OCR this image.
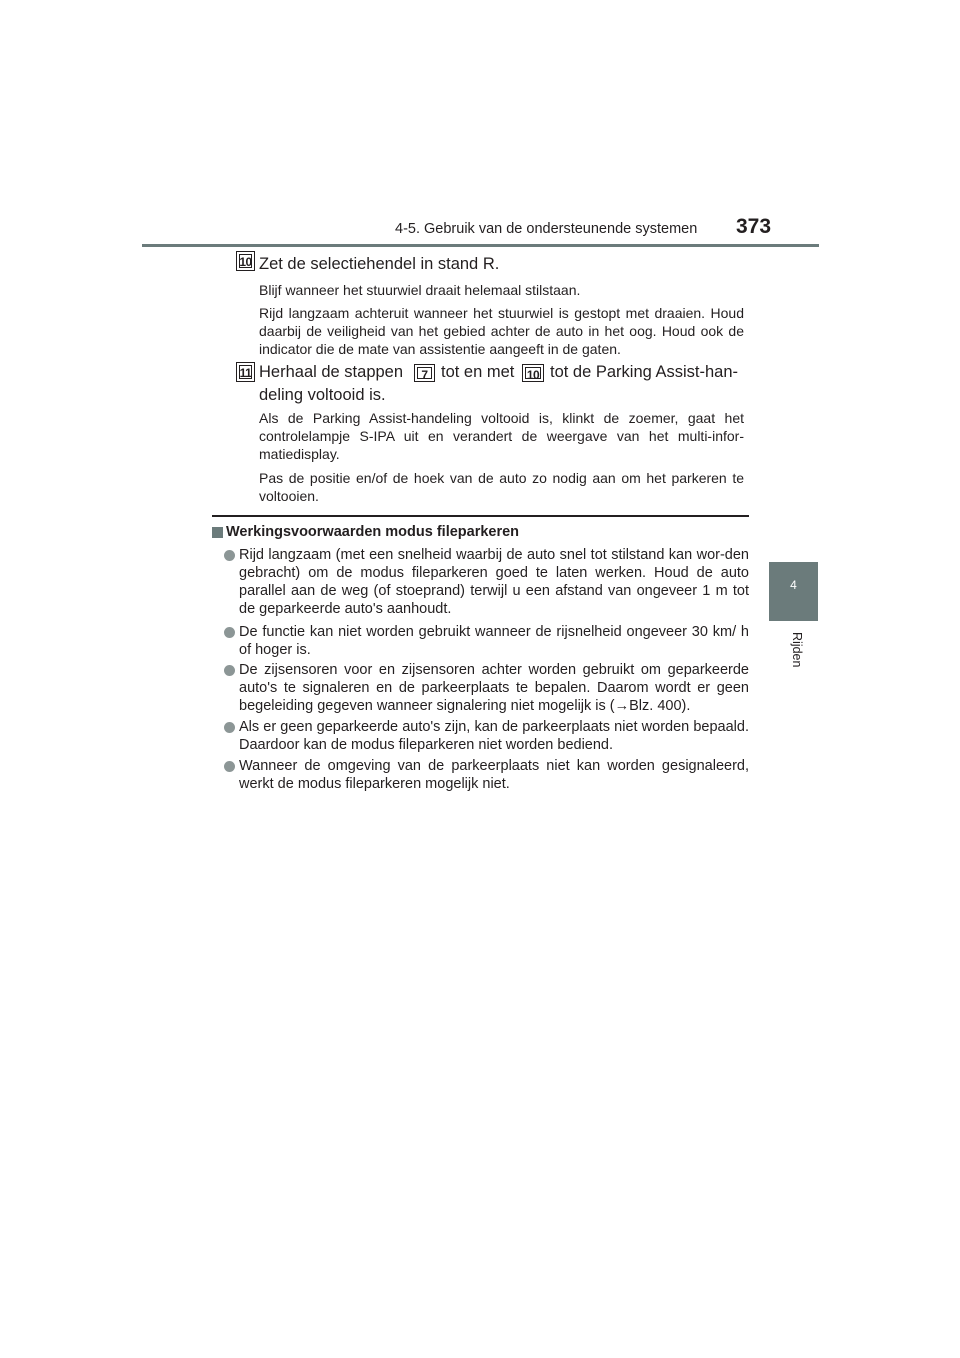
4-5. Gebruik van de ondersteunende systemen 373
4
Rijden
10 Zet de selectiehendel in stand R.
Blijf wanneer het stuurwiel draait helemaal stilstaan.
Rijd langzaam achteruit wanneer het stuurwiel is gestopt met draaien. Houd daarbij de veiligheid van het gebied achter de auto in het oog. Houd ook de indicator die de mate van assistentie aangeeft in de gaten.
11 Herhaal de stappen	7 tot en met	10 tot de Parking Assist-han-
deling voltooid is.
Als de Parking Assist-handeling voltooid is, klinkt de zoemer, gaat het controlelampje S-IPA uit en verandert de weergave van het multi-infor-matiedisplay.
Pas de positie en/of de hoek van de auto zo nodig aan om het parkeren te voltooien.
Werkingsvoorwaarden modus fileparkeren
Rijd langzaam (met een snelheid waarbij de auto snel tot stilstand kan wor-den gebracht) om de modus fileparkeren goed te laten werken. Houd de auto parallel aan de weg (of stoeprand) terwijl u een afstand van ongeveer 1 m tot de geparkeerde auto's aanhoudt.
De functie kan niet worden gebruikt wanneer de rijsnelheid ongeveer 30 km/ h of hoger is.
De zijsensoren voor en zijsensoren achter worden gebruikt om geparkeerde auto's te signaleren en de parkeerplaats te bepalen. Daarom wordt er geen begeleiding gegeven wanneer signalering niet mogelijk is (→Blz. 400).
Als er geen geparkeerde auto's zijn, kan de parkeerplaats niet worden bepaald. Daardoor kan de modus fileparkeren niet worden bediend.
Wanneer de omgeving van de parkeerplaats niet kan worden gesignaleerd, werkt de modus fileparkeren mogelijk niet.
